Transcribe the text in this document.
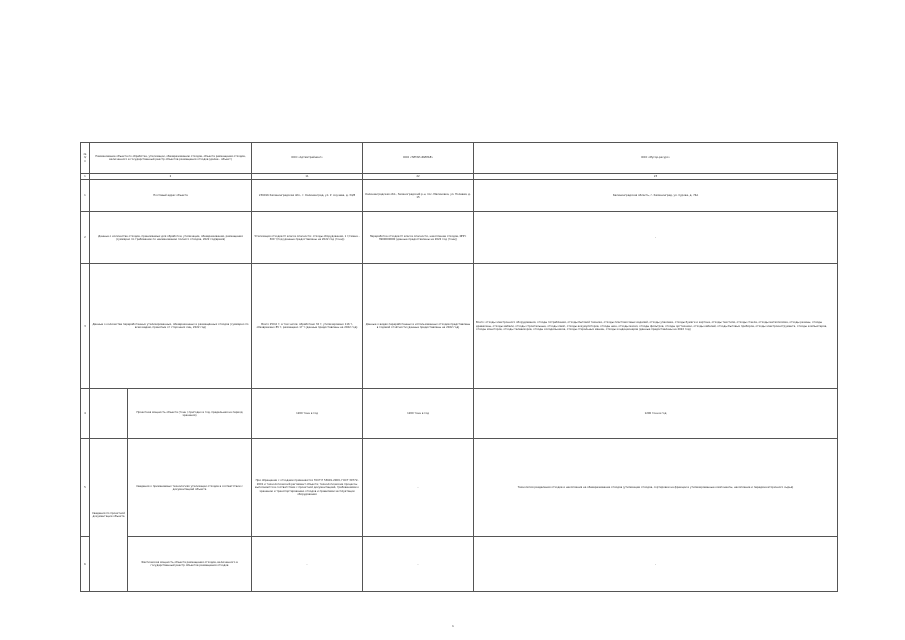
№ п/п	Наименование объекта по обработке, утилизации, обезвреживанию отходов, объекта размещения отходов, включенного в государственный реестр объектов размещения отходов (далее - объект)		ООО «Артемтрейнинг»	ООО «ТИТАН-ЖИЛЬЕ»	ООО «Мусор-ресурс»
1	2		11	22	23
1	Почтовый адрес объекта		236016 Калининградская обл., г. Калининград, ул. У. Ачучева, д. 34/8	Калининградская обл., Зеленоградский р-н, пос. Малиновка, ул. Полевая, д. 15	Калининградская область, г. Калининград, ул. Сурова, д. 74А
2	Данные о количестве отходов, принимаемых для обработки, утилизации, обезвреживания, размещения (суммарно по требованию по наименованию полного отходов, 2022 год/время)		Утилизация отходов IV класса опасности: отходы оборудования, 1 т/смена - 300 т/год (данные предоставлены на 2022 год (тонн))	Переработка отходов IV класса опасности, накопление отходов, ИНН: 3900000000 (данные предоставлены на 2022 год (тонн))	-
3	Данные о количестве переработанных утилизированных, обезвреженных и размещённых отходов (суммарно по всем видам, принятым от сторонних лиц, 2022 год)		Всего 250,0 т, в том числе: обработано 32 т, утилизировано 116 т, обезврежено 85 т, размещено 17 т (данные предоставлены на 2022 год)	Данные о видах переработанных и использованных отходов представлены в годовой отчётности (данные предоставлены на 2022 год)	Всего: отходы электронного оборудования, отходы потребления, отходы бытовой техники, отходы пластмассовых изделий, отходы упаковки, отходы бумаги и картона, отходы текстиля, отходы стекла, отходы металлолома, отходы резины, отходы древесины, отходы мебели, отходы строительные, отходы ламп, отходы аккумуляторов, отходы шин, отходы масел, отходы фильтров, отходы оргтехники, отходы кабелей, отходы бытовых приборов, отходы электроинструмента, отходы компьютеров, отходы мониторов, отходы телевизоров, отходы холодильников, отходы стиральных машин, отходы кондиционеров (данные предоставлены на 2022 год)
4		Проектная мощность объекта (тонн / пригодно в год, предельная на период хранения)	1200 тонн в год	1200 тонн в год	1200 тонн в год
5	Сведения по проектной документации объекта	Сведения о применяемых технологиях утилизации отходов в соответствии с документацией объекта	При обращении с отходами применяются ГОСТ Р 53691-2009, ГОСТ 30772-2001 и технологический регламент объекта; технологические процессы выполняются в соответствии с проектной документацией, требованиями к хранению и транспортированию отходов и правилами эксплуатации оборудования	-	Технология разделения отходов и накопления на обезвреживание отходов (утилизации отходов, сортировки на фракции и утилизированные компоненты, накопление и передача вторичного сырья)
6		Фактическая мощность объекта размещения отходов, включенного в государственный реестр объектов размещения отходов	-	-	-
1
